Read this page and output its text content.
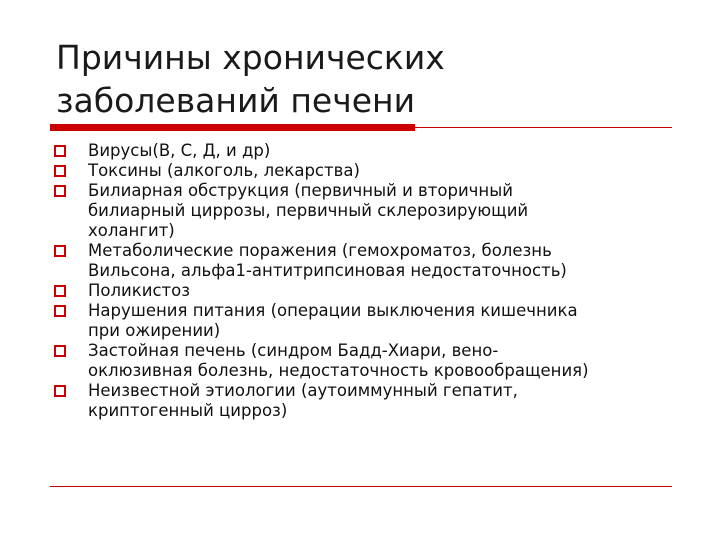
Причины хронических
заболеваний печени
Вирусы(В, С, Д, и др)
Токсины (алкоголь, лекарства)
Билиарная обструкция (первичный и вторичный
билиарный циррозы, первичный склерозирующий
холангит)
Метаболические поражения (гемохроматоз, болезнь
Вильсона, альфа1-антитрипсиновая недостаточность)
Поликистоз
Нарушения питания (операции выключения кишечника
при ожирении)
Застойная печень (синдром Бадд-Хиари, вено-
оклюзивная болезнь, недостаточность кровообращения)
Неизвестной этиологии (аутоиммунный гепатит,
криптогенный цирроз)
